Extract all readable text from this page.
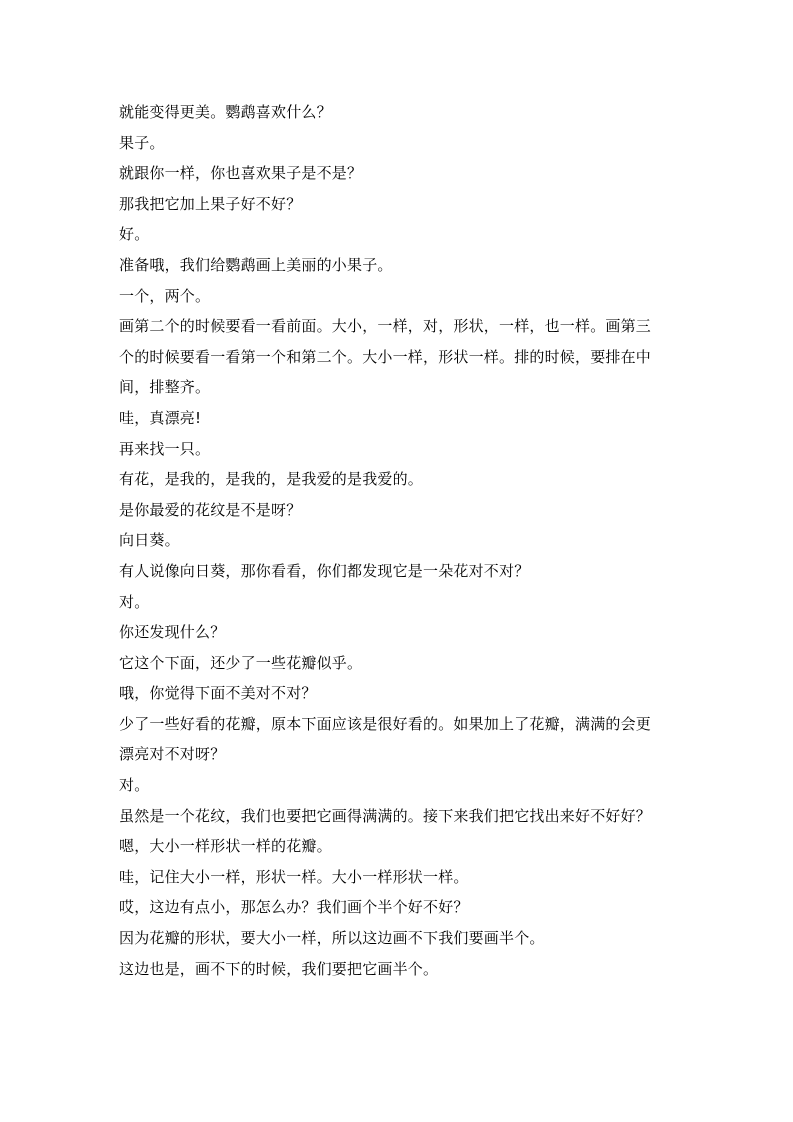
就能变得更美。鹦鹉喜欢什么？
果子。
就跟你一样，你也喜欢果子是不是？
那我把它加上果子好不好？
好。
准备哦，我们给鹦鹉画上美丽的小果子。
一个，两个。
画第二个的时候要看一看前面。大小，一样，对，形状，一样，也一样。画第三
个的时候要看一看第一个和第二个。大小一样，形状一样。排的时候，要排在中
间，排整齐。
哇，真漂亮!
再来找一只。
有花，是我的，是我的，是我爱的是我爱的。
是你最爱的花纹是不是呀？
向日葵。
有人说像向日葵，那你看看，你们都发现它是一朵花对不对？
对。
你还发现什么？
它这个下面，还少了一些花瓣似乎。
哦，你觉得下面不美对不对？
少了一些好看的花瓣，原本下面应该是很好看的。如果加上了花瓣，满满的会更
漂亮对不对呀？
对。
虽然是一个花纹，我们也要把它画得满满的。接下来我们把它找出来好不好好？
嗯，大小一样形状一样的花瓣。
哇，记住大小一样，形状一样。大小一样形状一样。
哎，这边有点小，那怎么办？我们画个半个好不好？
因为花瓣的形状，要大小一样，所以这边画不下我们要画半个。
这边也是，画不下的时候，我们要把它画半个。
